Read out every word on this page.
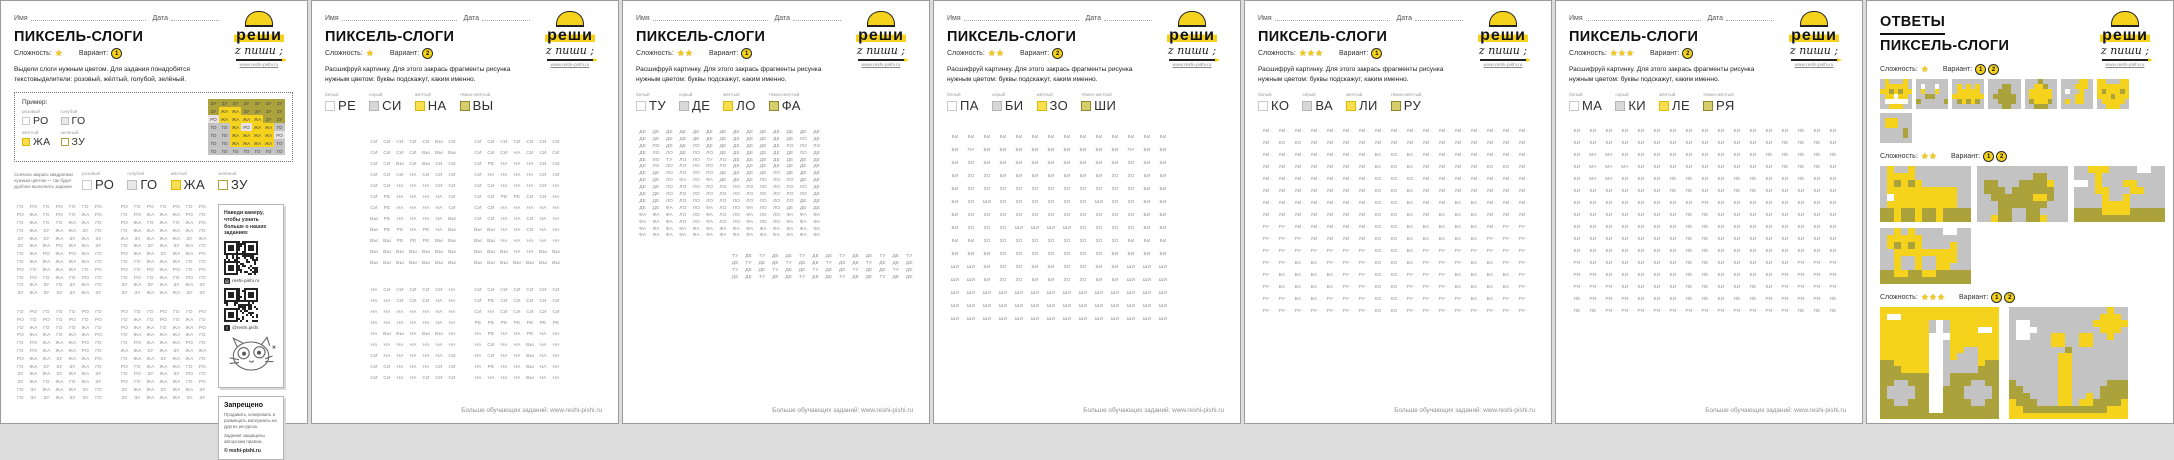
Имя	Дата
ПИКСЕЛЬ-СЛОГИ
Сложность: ★ Вариант:	1
Выдели слоги нужным цветом. Для задания понадобятся текстовыделители: розовый, жёлтый, голубой, зелёный.
Пример:
розовый
РО
голубой
ГО
жёлтый
ЖА
зелёный
ЗУ
ЗУ	ЗУ	ЗУ	ЗУ	ЗУ	ЗУ	ЗУ
ЗУ ЖА ЖА ЗУ	ЗУ	ЗУ	ЗУ
РО ЖА ЖА ЖА ЖА ЗУ	ЗУ
ГО	ГО ЖА РО ЖА ЖА ГО
ГО	ГО ЖА ЖА ЖА ЖА РО
ГО	ГО ЖА ЖА ЖА ЖА ГО
ГО	ГО	ГО	ГО	ГО	ГО	ГО
Сначала закрась квадратики нужным цветом — так будет удобнее выполнять задание
розовый
РО
голубой
ГО
жёлтый
ЖА
зелёный
ЗУ
ГО	РО	ГО	РО	ГО	ГО	РО
РО	ЖА	ГО	РО	ГО	ЖА	РО
ГО	ЖА	ГО	ГО	ЖА	ЖА	ГО
ГО	ЖА	ЗУ	ЖА	ЖА	ЗУ	ГО
ЗУ	ЖА	ЗУ	ЖА	ЗУ	ЖА	ЗУ
ЗУ	ЖА	ЖА	РО	ЖА	ЖА	ЗУ
ГО	ЖА	РО	ЖА	РО	ЖА	ГО
ГО	ЖА	ЖА	ЖА	ЖА	ЖА	ГО
РО	ГО	ЖА	ЖА	ЖА	ГО	РО
ГО	РО	ГО	ЖА	ГО	РО	ГО
ГО	ЖА	ЗУ	ГО	ЗУ	ЖА	ГО
ЗУ	ЖА	ЗУ	ЗУ	ЗУ	ЖА	ЗУ
РО	ГО	РО	ГО	РО	ГО	РО
ГО	РО	ЖА	ЖА	ЖА	РО	ГО
РО	ЖА	ГО	ЖА	ГО	ЖА	РО
ГО	ЖА	ЖА	ЖА	ЖА	ЖА	ГО
ЖА	ЗУ	ЖА	ЖА	ЖА	ЗУ	ЖА
ГО	ЖА	ЗУ	ЖА	ЗУ	ЖА	ГО
РО	ЖА	ЖА	ЗУ	ЖА	ЖА	РО
ГО	ГО	ЖА	ЖА	ЖА	ГО	ГО
РО	ГО	РО	ЖА	РО	ГО	РО
ГО	РО	ГО	ЖА	ГО	РО	ГО
ЗУ	ЖА	ЗУ	ЖА	ЗУ	ЖА	ЗУ
ЗУ	ЗУ	ЖА	ЖА	ЖА	ЗУ	ЗУ
ГО	РО	ГО	ГО	ГО	РО	ГО
РО	ГО	РО	ГО	РО	ГО	РО
ГО	ЖА	ГО	ГО	ГО	ЖА	ГО
РО	ЖА	ЖА	ГО	ЖА	ЖА	РО
ГО	РО	ЖА	ЖА	ЖА	РО	ГО
ГО	РО	ЖА	ЖА	ЖА	РО	ГО
РО	ЖА	ЖА	ЗУ	ЖА	ЖА	РО
ГО	ЖА	ЗУ	ЗУ	ЗУ	ЖА	ГО
ЗУ	ЖА	ЖА	ЗУ	ЖА	ЖА	ЗУ
ЗУ	ЖА	ГО	ЖА	ГО	ЖА	ЗУ
ГО	ЗУ	ЖА	ЖА	ЖА	ЗУ	ГО
ГО	ЗУ	ЗУ	ЖА	ЗУ	ЗУ	ГО
РО	ГО	ГО	РО	ГО	ГО	РО
ГО	ЖА	ГО	РО	ГО	ЖА	ГО
РО	ЖА	ЖА	ГО	ЖА	ЖА	РО
ГО	ЖА	ЖА	ЖА	ЖА	ЖА	ГО
ГО	РО	ЖА	ЖА	ЖА	РО	ГО
ЖА	ЖА	ЗУ	ЖА	ЗУ	ЖА	ЖА
ГО	ЖА	ЖА	ЗУ	ЖА	ЖА	ГО
РО	ГО	ЖА	ЖА	ЖА	ГО	РО
ГО	РО	ЗУ	ЖА	ЗУ	РО	ГО
РО	ГО	ЖА	ЖА	ЖА	ГО	РО
ЗУ	ЖА	ЖА	ЗУ	ЖА	ЖА	ЗУ
ЗУ	ЗУ	ЖА	ЖА	ЖА	ЗУ	ЗУ
Наведи камеру, чтобы узнать больше о наших заданиях
@ reshi-pishi.ru
f @reshi.pishi
Запрещено
Продавать, копировать и размещать материалы на других ресурсах.
Задания защищены авторским правом.
© reshi-pishi.ru
реши
z пиши ;
www.reshi-pishi.ru
Имя	Дата
ПИКСЕЛЬ-СЛОГИ
Сложность: ★ Вариант:	2
Расшифруй картинку. Для этого закрась фрагменты рисунка нужным цветом: буквы подскажут, каким именно.
белый
РЕ
серый
СИ
жёлтый
НА
тёмно-жёлтый
ВЫ
СИ	СИ	СИ	СИ	СИ	ВЫ	СИ
СИ	СИ	СИ	СИ	ВЫ	ВЫ	ВЫ
СИ	СИ	ВЫ	СИ	ВЫ	СИ	СИ
СИ	СИ	СИ	НА	СИ	СИ	СИ
СИ	СИ	НА	НА	НА	СИ	СИ
СИ	РЕ	НА	НА	НА	НА	СИ
СИ	РЕ	НА	НА	НА	НА	СИ
ВЫ	РЕ	НА	НА	НА	НА	ВЫ
ВЫ	РЕ	РЕ	НА	РЕ	НА	ВЫ
ВЫ	ВЫ	РЕ	РЕ	РЕ	ВЫ	ВЫ
ВЫ	ВЫ	ВЫ	ВЫ	ВЫ	ВЫ	ВЫ
ВЫ	ВЫ	ВЫ	ВЫ	ВЫ	ВЫ	ВЫ
СИ	СИ	СИ	СИ	СИ	СИ	СИ
СИ	СИ	СИ	НА	СИ	СИ	СИ
СИ	РЕ	НА	НА	НА	СИ	СИ
СИ	НА	НА	НА	НА	СИ	СИ
СИ	СИ	НА	НА	НА	СИ	НА
СИ	СИ	РЕ	РЕ	СИ	СИ	НА
СИ	СИ	НА	НА	НА	НА	НА
СИ	СИ	НА	НА	СИ	НА	НА
ВЫ	ВЫ	НА	НА	СИ	НА	НА
ВЫ	ВЫ	НА	НА	НА	НА	НА
ВЫ	ВЫ	ВЫ	НА	НА	ВЫ	ВЫ
ВЫ	ВЫ	ВЫ	ВЫ	ВЫ	ВЫ	ВЫ
НА	СИ	СИ	СИ	СИ	СИ	НА
НА	НА	СИ	СИ	СИ	НА	НА
НА	НА	НА	НА	НА	НА	НА
НА	НА	НА	НА	НА	НА	НА
НА	ВЫ	ВЫ	НА	ВЫ	ВЫ	НА
НА	НА	НА	НА	НА	НА	НА
СИ	НА	НА	НА	НА	НА	СИ
СИ	СИ	НА	НА	НА	СИ	СИ
СИ	СИ	НА	НА	СИ	СИ	СИ
СИ	СИ	СИ	СИ	СИ	СИ	СИ
СИ	РЕ	СИ	СИ	СИ	СИ	СИ
СИ	НА	СИ	СИ	СИ	СИ	СИ
РЕ	РЕ	РЕ	РЕ	РЕ	РЕ	РЕ
НА	РЕ	НА	НА	РЕ	НА	НА
НА	СИ	НА	НА	ВЫ	НА	НА
НА	СИ	НА	НА	ВЫ	НА	НА
НА	РЕ	НА	НА	ВЫ	НА	НА
НА	НА	НА	НА	ВЫ	НА	НА
реши
z пиши ;
www.reshi-pishi.ru
Больше обучающих заданий: www.reshi-pishi.ru
Имя	Дата
ПИКСЕЛЬ-СЛОГИ
Сложность: ★★ Вариант:	1
Расшифруй картинку. Для этого закрась фрагменты рисунка нужным цветом: буквы подскажут, каким именно.
белый
ТУ
серый
ДЕ
жёлтый
ЛО
тёмно-жёлтый
ФА
ДЕ	ДЕ	ДЕ	ДЕ	ДЕ	ДЕ	ДЕ	ДЕ	ДЕ	ДЕ	ДЕ	ДЕ	ДЕ	ДЕ
ДЕ	ДЕ	ДЕ	ДЕ	ДЕ	ДЕ	ДЕ	ДЕ	ДЕ	ДЕ	ДЕ	ДЕ	ЛО	ДЕ
ДЕ	ЛО	ДЕ	ДЕ	ЛО	ДЕ	ДЕ	ДЕ	ДЕ	ДЕ	ДЕ	ЛО	ЛО	ЛО
ДЕ	ЛО	ЛО	ДЕ	ЛО	ЛО	ДЕ	ДЕ	ДЕ	ДЕ	ДЕ	ДЕ	ЛО	ДЕ
ДЕ	ЛО	ТУ	ЛО	ЛО	ТУ	ЛО	ДЕ	ДЕ	ДЕ	ДЕ	ДЕ	ДЕ	ДЕ
ДЕ	ЛО	ЛО	ЛО	ЛО	ЛО	ЛО	ДЕ	ДЕ	ДЕ	ДЕ	ДЕ	ДЕ	ДЕ
ДЕ	ДЕ	ЛО	ЛО	ЛО	ЛО	ДЕ	ДЕ	ДЕ	ДЕ	ЛО	ДЕ	ДЕ	ДЕ
ДЕ	ДЕ	ЛО	ФА	ЛО	ФА	ДЕ	ДЕ	ДЕ	ЛО	ЛО	ЛО	ДЕ	ДЕ
ДЕ	ДЕ	ЛО	ЛО	ЛО	ЛО	ЛО	ЛО	ЛО	ЛО	ЛО	ЛО	ЛО	ДЕ
ДЕ	ДЕ	ЛО	ЛО	ЛО	ЛО	ЛО	ЛО	ЛО	ЛО	ЛО	ЛО	ЛО	ДЕ
ДЕ	ДЕ	ЛО	ЛО	ЛО	ЛО	ЛО	ЛО	ЛО	ЛО	ЛО	ЛО	ДЕ	ДЕ
ДЕ	ДЕ	ФА	ЛО	ЛО	ФА	ЛО	ЛО	ФА	ЛО	ЛО	ДЕ	ДЕ	ДЕ
ФА	ФА	ФА	ЛО	ЛО	ФА	ЛО	ЛО	ФА	ЛО	ЛО	ФА	ФА	ФА
ФА	ФА	ФА	ЛО	ЛО	ФА	ЛО	ЛО	ФА	ЛО	ЛО	ФА	ФА	ФА
ФА	ФА	ФА	ФА	ФА	ФА	ФА	ФА	ФА	ФА	ФА	ФА	ФА	ФА
ФА	ФА	ФА	ФА	ФА	ФА	ФА	ФА	ФА	ФА	ФА	ФА	ФА	ФА
ТУ	ДЕ	ТУ	ДЕ	ДЕ	ТУ	ДЕ	ДЕ	ТУ	ДЕ	ДЕ	ТУ	ДЕ	ТУ
ДЕ	ТУ	ДЕ	ДЕ	ТУ	ДЕ	ДЕ	ТУ	ДЕ	ДЕ	ТУ	ДЕ	ДЕ	ДЕ
ТУ	ДЕ	ДЕ	ТУ	ДЕ	ДЕ	ТУ	ДЕ	ДЕ	ТУ	ДЕ	ДЕ	ТУ	ДЕ
ДЕ	ДЕ	ТУ	ДЕ	ДЕ	ТУ	ДЕ	ДЕ	ТУ	ДЕ	ДЕ	ТУ	ДЕ	ДЕ
реши
z пиши ;
www.reshi-pishi.ru
Больше обучающих заданий: www.reshi-pishi.ru
Имя	Дата
ПИКСЕЛЬ-СЛОГИ
Сложность: ★★ Вариант:	2
Расшифруй картинку. Для этого закрась фрагменты рисунка нужным цветом: буквы подскажут, каким именно.
белый
ПА
серый
БИ
жёлтый
ЗО
тёмно-жёлтый
ШИ
БИ	БИ	БИ	БИ	БИ	БИ	БИ	БИ	БИ	БИ	БИ	БИ	БИ	БИ
БИ	ПА	БИ	БИ	БИ	БИ	БИ	БИ	БИ	БИ	БИ	ПА	БИ	БИ
БИ	ЗО	БИ	БИ	БИ	БИ	БИ	БИ	БИ	БИ	БИ	ЗО	БИ	БИ
БИ	ЗО	ЗО	БИ	БИ	БИ	БИ	БИ	БИ	БИ	ЗО	ЗО	БИ	БИ
БИ	ЗО	ЗО	ЗО	ЗО	ЗО	ЗО	ЗО	ЗО	ЗО	ЗО	ЗО	БИ	БИ
БИ	ЗО	ШИ	ЗО	ЗО	ЗО	ЗО	ЗО	ЗО	ШИ	ЗО	ЗО	БИ	БИ
БИ	ЗО	ЗО	ЗО	ЗО	ЗО	ЗО	ЗО	ЗО	ЗО	ЗО	ЗО	БИ	БИ
БИ	ЗО	ЗО	ЗО	ШИ	ШИ	ШИ	ШИ	ЗО	ЗО	ЗО	ЗО	БИ	БИ
БИ	БИ	ЗО	ЗО	ЗО	ЗО	ЗО	ЗО	ЗО	ЗО	ЗО	БИ	БИ	БИ
БИ	БИ	БИ	ЗО	ЗО	ЗО	ЗО	ЗО	ЗО	ЗО	БИ	БИ	БИ	БИ
ШИ	ШИ	БИ	ЗО	ЗО	БИ	БИ	ЗО	ЗО	БИ	БИ	ШИ	ШИ	ШИ
ШИ	ШИ	БИ	ЗО	ЗО	БИ	БИ	ЗО	ЗО	БИ	БИ	ШИ	ШИ	ШИ
ШИ	ШИ	ШИ	ШИ	ШИ	ШИ	ШИ	ШИ	ШИ	ШИ	ШИ	ШИ	ШИ	ШИ
ШИ	ШИ	ШИ	ШИ	ШИ	ШИ	ШИ	ШИ	ШИ	ШИ	ШИ	ШИ	ШИ	ШИ
ШИ	ШИ	ШИ	ШИ	ШИ	ШИ	ШИ	ШИ	ШИ	ШИ	ШИ	ШИ	ШИ	ШИ
реши
z пиши ;
www.reshi-pishi.ru
Больше обучающих заданий: www.reshi-pishi.ru
Имя	Дата
ПИКСЕЛЬ-СЛОГИ
Сложность: ★★★ Вариант:	1
Расшифруй картинку. Для этого закрась фрагменты рисунка нужным цветом: буквы подскажут, каким именно.
белый
КО
серый
ВА
жёлтый
ЛИ
тёмно-жёлтый
РУ
ЛИ	ЛИ	ЛИ	ЛИ	ЛИ	ЛИ	ЛИ	ЛИ	ЛИ	ЛИ	ЛИ	ЛИ	ЛИ	ЛИ	ЛИ	ЛИ	ЛИ
ЛИ	КО	КО	ЛИ	ЛИ	ЛИ	ЛИ	ЛИ	ЛИ	ЛИ	ЛИ	ЛИ	ЛИ	ЛИ	ЛИ	ЛИ	ЛИ
ЛИ	ЛИ	ЛИ	ЛИ	ЛИ	ЛИ	ЛИ	ВА	КО	ВА	ЛИ	ЛИ	ЛИ	ЛИ	ЛИ	ЛИ	ЛИ
ЛИ	ЛИ	ЛИ	ЛИ	ЛИ	ЛИ	ЛИ	ВА	КО	ВА	ЛИ	ЛИ	ЛИ	ЛИ	КО	КО	ЛИ
ЛИ	ЛИ	ЛИ	ЛИ	ЛИ	ЛИ	ЛИ	КО	КО	КО	ЛИ	ЛИ	ЛИ	ЛИ	ЛИ	ЛИ	ЛИ
ЛИ	ЛИ	ЛИ	ЛИ	ЛИ	ЛИ	ЛИ	КО	КО	ВА	ЛИ	ЛИ	ЛИ	ЛИ	ЛИ	ЛИ	ЛИ
ЛИ	ЛИ	ЛИ	ЛИ	ЛИ	ЛИ	ЛИ	КО	КО	ВА	ЛИ	ЛИ	ВА	ВА	ЛИ	ЛИ	ЛИ
ЛИ	ЛИ	ЛИ	ЛИ	ЛИ	ЛИ	ЛИ	КО	КО	ВА	ЛИ	ВА	ВА	ВА	ЛИ	ЛИ	ЛИ
РУ	РУ	ЛИ	ЛИ	ЛИ	ЛИ	ЛИ	КО	КО	ВА	ВА	ВА	ВА	ВА	ЛИ	РУ	РУ
РУ	РУ	РУ	ЛИ	ЛИ	ЛИ	ЛИ	КО	КО	ВА	ВА	ВА	ВА	ВА	РУ	РУ	РУ
РУ	РУ	РУ	РУ	РУ	РУ	РУ	КО	КО	ВА	РУ	РУ	РУ	РУ	РУ	РУ	РУ
РУ	РУ	ВА	ВА	РУ	РУ	РУ	КО	КО	ВА	РУ	РУ	РУ	ВА	ВА	РУ	РУ
РУ	ВА	ВА	ВА	ВА	РУ	РУ	КО	КО	РУ	РУ	РУ	ВА	ВА	ВА	ВА	РУ
РУ	ВА	ВА	ВА	ВА	РУ	РУ	КО	КО	РУ	РУ	РУ	ВА	ВА	ВА	ВА	РУ
РУ	РУ	ВА	ВА	РУ	РУ	РУ	КО	КО	РУ	РУ	РУ	РУ	ВА	ВА	РУ	РУ
РУ	РУ	РУ	РУ	РУ	РУ	РУ	КО	КО	РУ	РУ	РУ	РУ	РУ	РУ	РУ	РУ
реши
z пиши ;
www.reshi-pishi.ru
Больше обучающих заданий: www.reshi-pishi.ru
Имя	Дата
ПИКСЕЛЬ-СЛОГИ
Сложность: ★★★ Вариант:	2
Расшифруй картинку. Для этого закрась фрагменты рисунка нужным цветом: буквы подскажут, каким именно.
белый
МА
серый
КИ
жёлтый
ЛЕ
тёмно-жёлтый
РЯ
КИ	КИ	КИ	КИ	КИ	КИ	КИ	КИ	КИ	КИ	КИ	КИ	КИ	КИ	ЛЕ	КИ	КИ
КИ	КИ	КИ	КИ	КИ	КИ	КИ	КИ	КИ	КИ	КИ	КИ	КИ	ЛЕ	ЛЕ	ЛЕ	КИ
КИ	МА	МА	КИ	КИ	КИ	КИ	КИ	КИ	КИ	КИ	КИ	ЛЕ	ЛЕ	ЛЕ	ЛЕ	ЛЕ
КИ	МА	МА	МА	КИ	КИ	КИ	КИ	КИ	КИ	КИ	КИ	КИ	ЛЕ	ЛЕ	ЛЕ	КИ
КИ	МА	МА	КИ	КИ	КИ	ЛЕ	ЛЕ	КИ	КИ	ЛЕ	ЛЕ	КИ	КИ	ЛЕ	КИ	КИ
КИ	КИ	КИ	КИ	КИ	КИ	ЛЕ	ЛЕ	КИ	КИ	ЛЕ	ЛЕ	КИ	КИ	КИ	КИ	КИ
КИ	КИ	КИ	КИ	КИ	КИ	КИ	КИ	РЯ	КИ	КИ	КИ	КИ	КИ	КИ	КИ	КИ
КИ	КИ	КИ	КИ	КИ	КИ	КИ	ЛЕ	ЛЕ	КИ	КИ	КИ	КИ	КИ	КИ	КИ	КИ
КИ	КИ	КИ	КИ	КИ	КИ	КИ	ЛЕ	ЛЕ	КИ	КИ	КИ	КИ	КИ	КИ	КИ	КИ
КИ	КИ	КИ	КИ	КИ	КИ	КИ	ЛЕ	ЛЕ	КИ	КИ	КИ	КИ	КИ	КИ	КИ	КИ
КИ	КИ	КИ	КИ	КИ	КИ	КИ	ЛЕ	ЛЕ	КИ	КИ	КИ	КИ	КИ	КИ	КИ	КИ
РЯ	КИ	КИ	КИ	КИ	КИ	КИ	ЛЕ	ЛЕ	КИ	КИ	КИ	КИ	КИ	РЯ	РЯ	РЯ
РЯ	РЯ	КИ	КИ	КИ	КИ	КИ	ЛЕ	ЛЕ	КИ	КИ	КИ	КИ	РЯ	РЯ	РЯ	РЯ
РЯ	РЯ	РЯ	КИ	КИ	КИ	КИ	ЛЕ	ЛЕ	КИ	КИ	ЛЕ	КИ	РЯ	РЯ	РЯ	РЯ
ЛЕ	РЯ	РЯ	РЯ	КИ	КИ	КИ	ЛЕ	ЛЕ	КИ	ЛЕ	ЛЕ	РЯ	РЯ	РЯ	РЯ	ЛЕ
ЛЕ	ЛЕ	РЯ	РЯ	РЯ	РЯ	РЯ	РЯ	РЯ	РЯ	РЯ	РЯ	РЯ	РЯ	ЛЕ	ЛЕ	ЛЕ
реши
z пиши ;
www.reshi-pishi.ru
Больше обучающих заданий: www.reshi-pishi.ru
ОТВЕТЫ
ПИКСЕЛЬ-СЛОГИ
Сложность: ★ Вариант:	1 2
Сложность: ★★ Вариант:	1 2
Сложность: ★★★ Вариант:	1 2
реши
z пиши ;
www.reshi-pishi.ru
